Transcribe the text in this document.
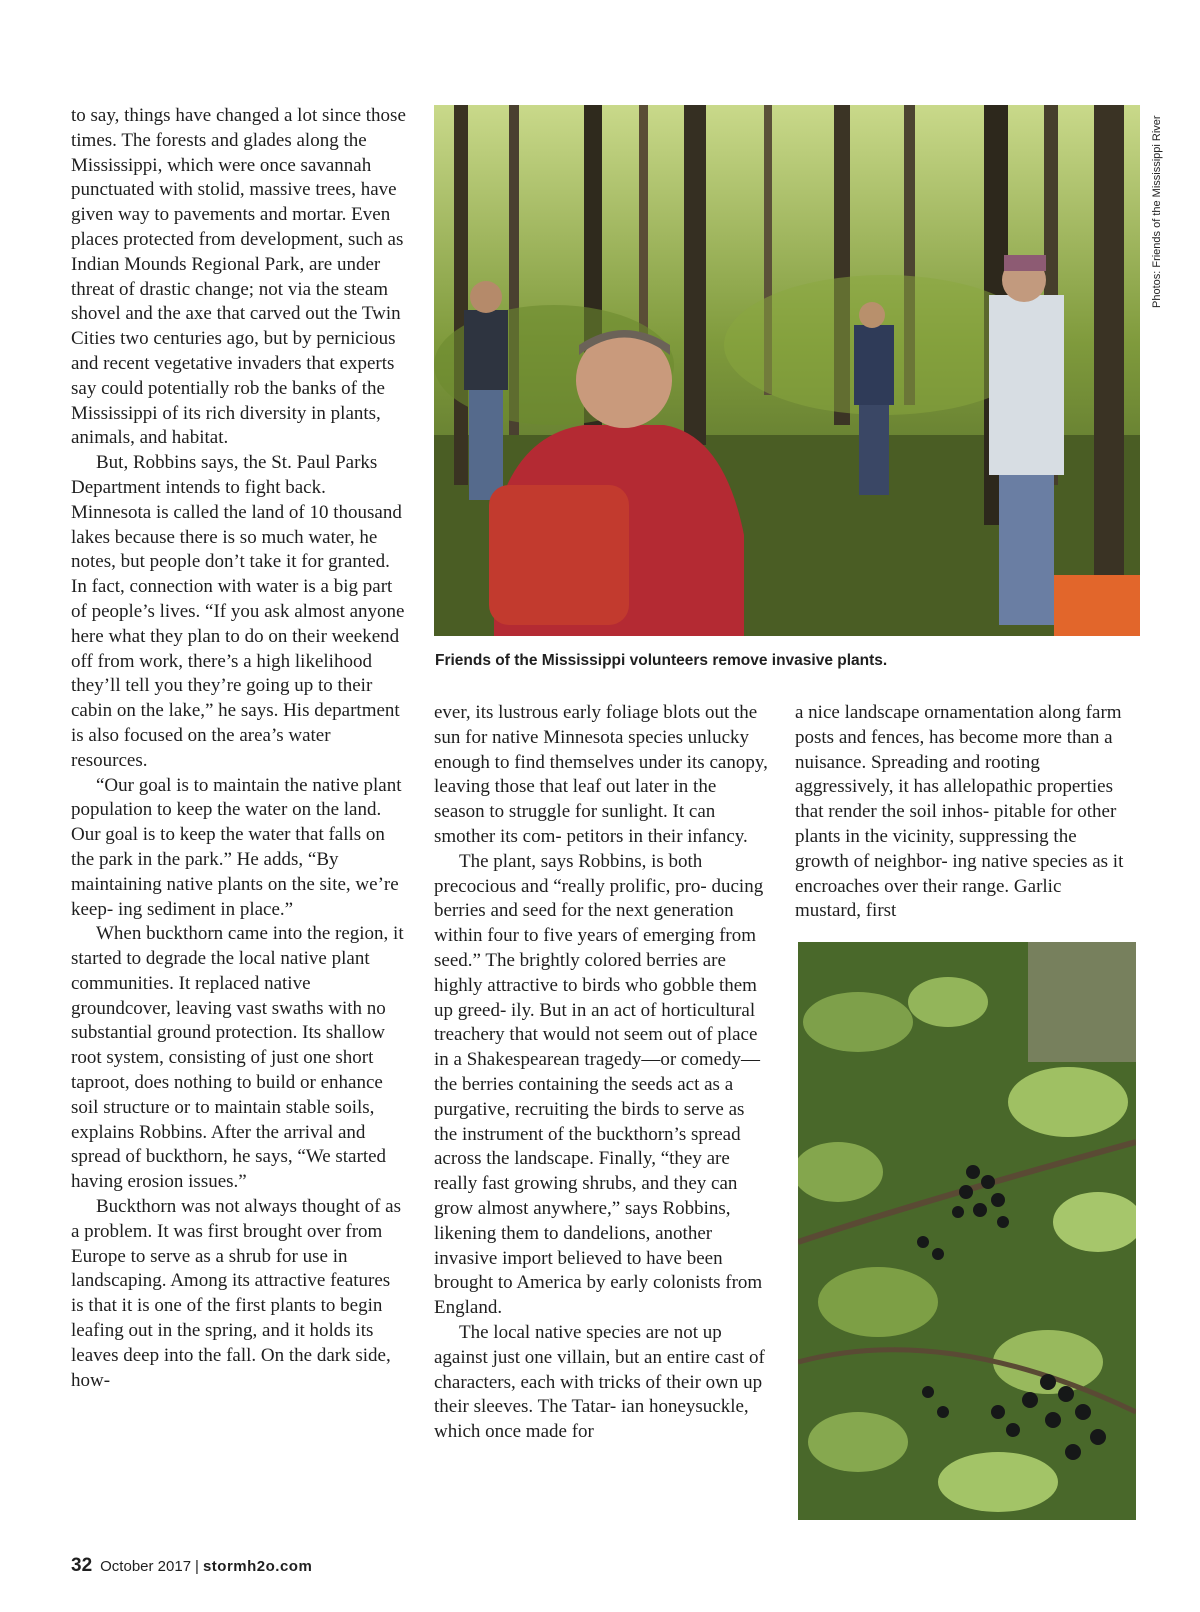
to say, things have changed a lot since those times. The forests and glades along the Mississippi, which were once savannah punctuated with stolid, massive trees, have given way to pavements and mortar. Even places protected from development, such as Indian Mounds Regional Park, are under threat of drastic change; not via the steam shovel and the axe that carved out the Twin Cities two centuries ago, but by pernicious and recent vegetative invaders that experts say could potentially rob the banks of the Mississippi of its rich diversity in plants, animals, and habitat.

But, Robbins says, the St. Paul Parks Department intends to fight back. Minnesota is called the land of 10 thousand lakes because there is so much water, he notes, but people don’t take it for granted. In fact, connection with water is a big part of people’s lives. “If you ask almost anyone here what they plan to do on their weekend off from work, there’s a high likelihood they’ll tell you they’re going up to their cabin on the lake,” he says. His department is also focused on the area’s water resources.

“Our goal is to maintain the native plant population to keep the water on the land. Our goal is to keep the water that falls on the park in the park.” He adds, “By maintaining native plants on the site, we’re keep- ing sediment in place.”

When buckthorn came into the region, it started to degrade the local native plant communities. It replaced native groundcover, leaving vast swaths with no substantial ground protection. Its shallow root system, consisting of just one short taproot, does nothing to build or enhance soil structure or to maintain stable soils, explains Robbins. After the arrival and spread of buckthorn, he says, “We started having erosion issues.”

Buckthorn was not always thought of as a problem. It was first brought over from Europe to serve as a shrub for use in landscaping. Among its attractive features is that it is one of the first plants to begin leafing out in the spring, and it holds its leaves deep into the fall. On the dark side, how-

Photos: Friends of the Mississippi River
Friends of the Mississippi volunteers remove invasive plants.

ever, its lustrous early foliage blots out the sun for native Minnesota species unlucky enough to find themselves under its canopy, leaving those that leaf out later in the season to struggle for sunlight. It can smother its com- petitors in their infancy.

The plant, says Robbins, is both precocious and “really prolific, pro- ducing berries and seed for the next generation within four to five years of emerging from seed.” The brightly colored berries are highly attractive to birds who gobble them up greed- ily. But in an act of horticultural treachery that would not seem out of place in a Shakespearean tragedy—or comedy—the berries containing the seeds act as a purgative, recruiting the birds to serve as the instrument of the buckthorn’s spread across the landscape. Finally, “they are really fast growing shrubs, and they can grow almost anywhere,” says Robbins, likening them to dandelions, another invasive import believed to have been brought to America by early colonists from England.

The local native species are not up against just one villain, but an entire cast of characters, each with tricks of their own up their sleeves. The Tatar- ian honeysuckle, which once made for

a nice landscape ornamentation along farm posts and fences, has become more than a nuisance. Spreading and rooting aggressively, it has allelopathic properties that render the soil inhos- pitable for other plants in the vicinity, suppressing the growth of neighbor- ing native species as it encroaches over their range. Garlic mustard, first

32 October 2017 | stormh2o.com
